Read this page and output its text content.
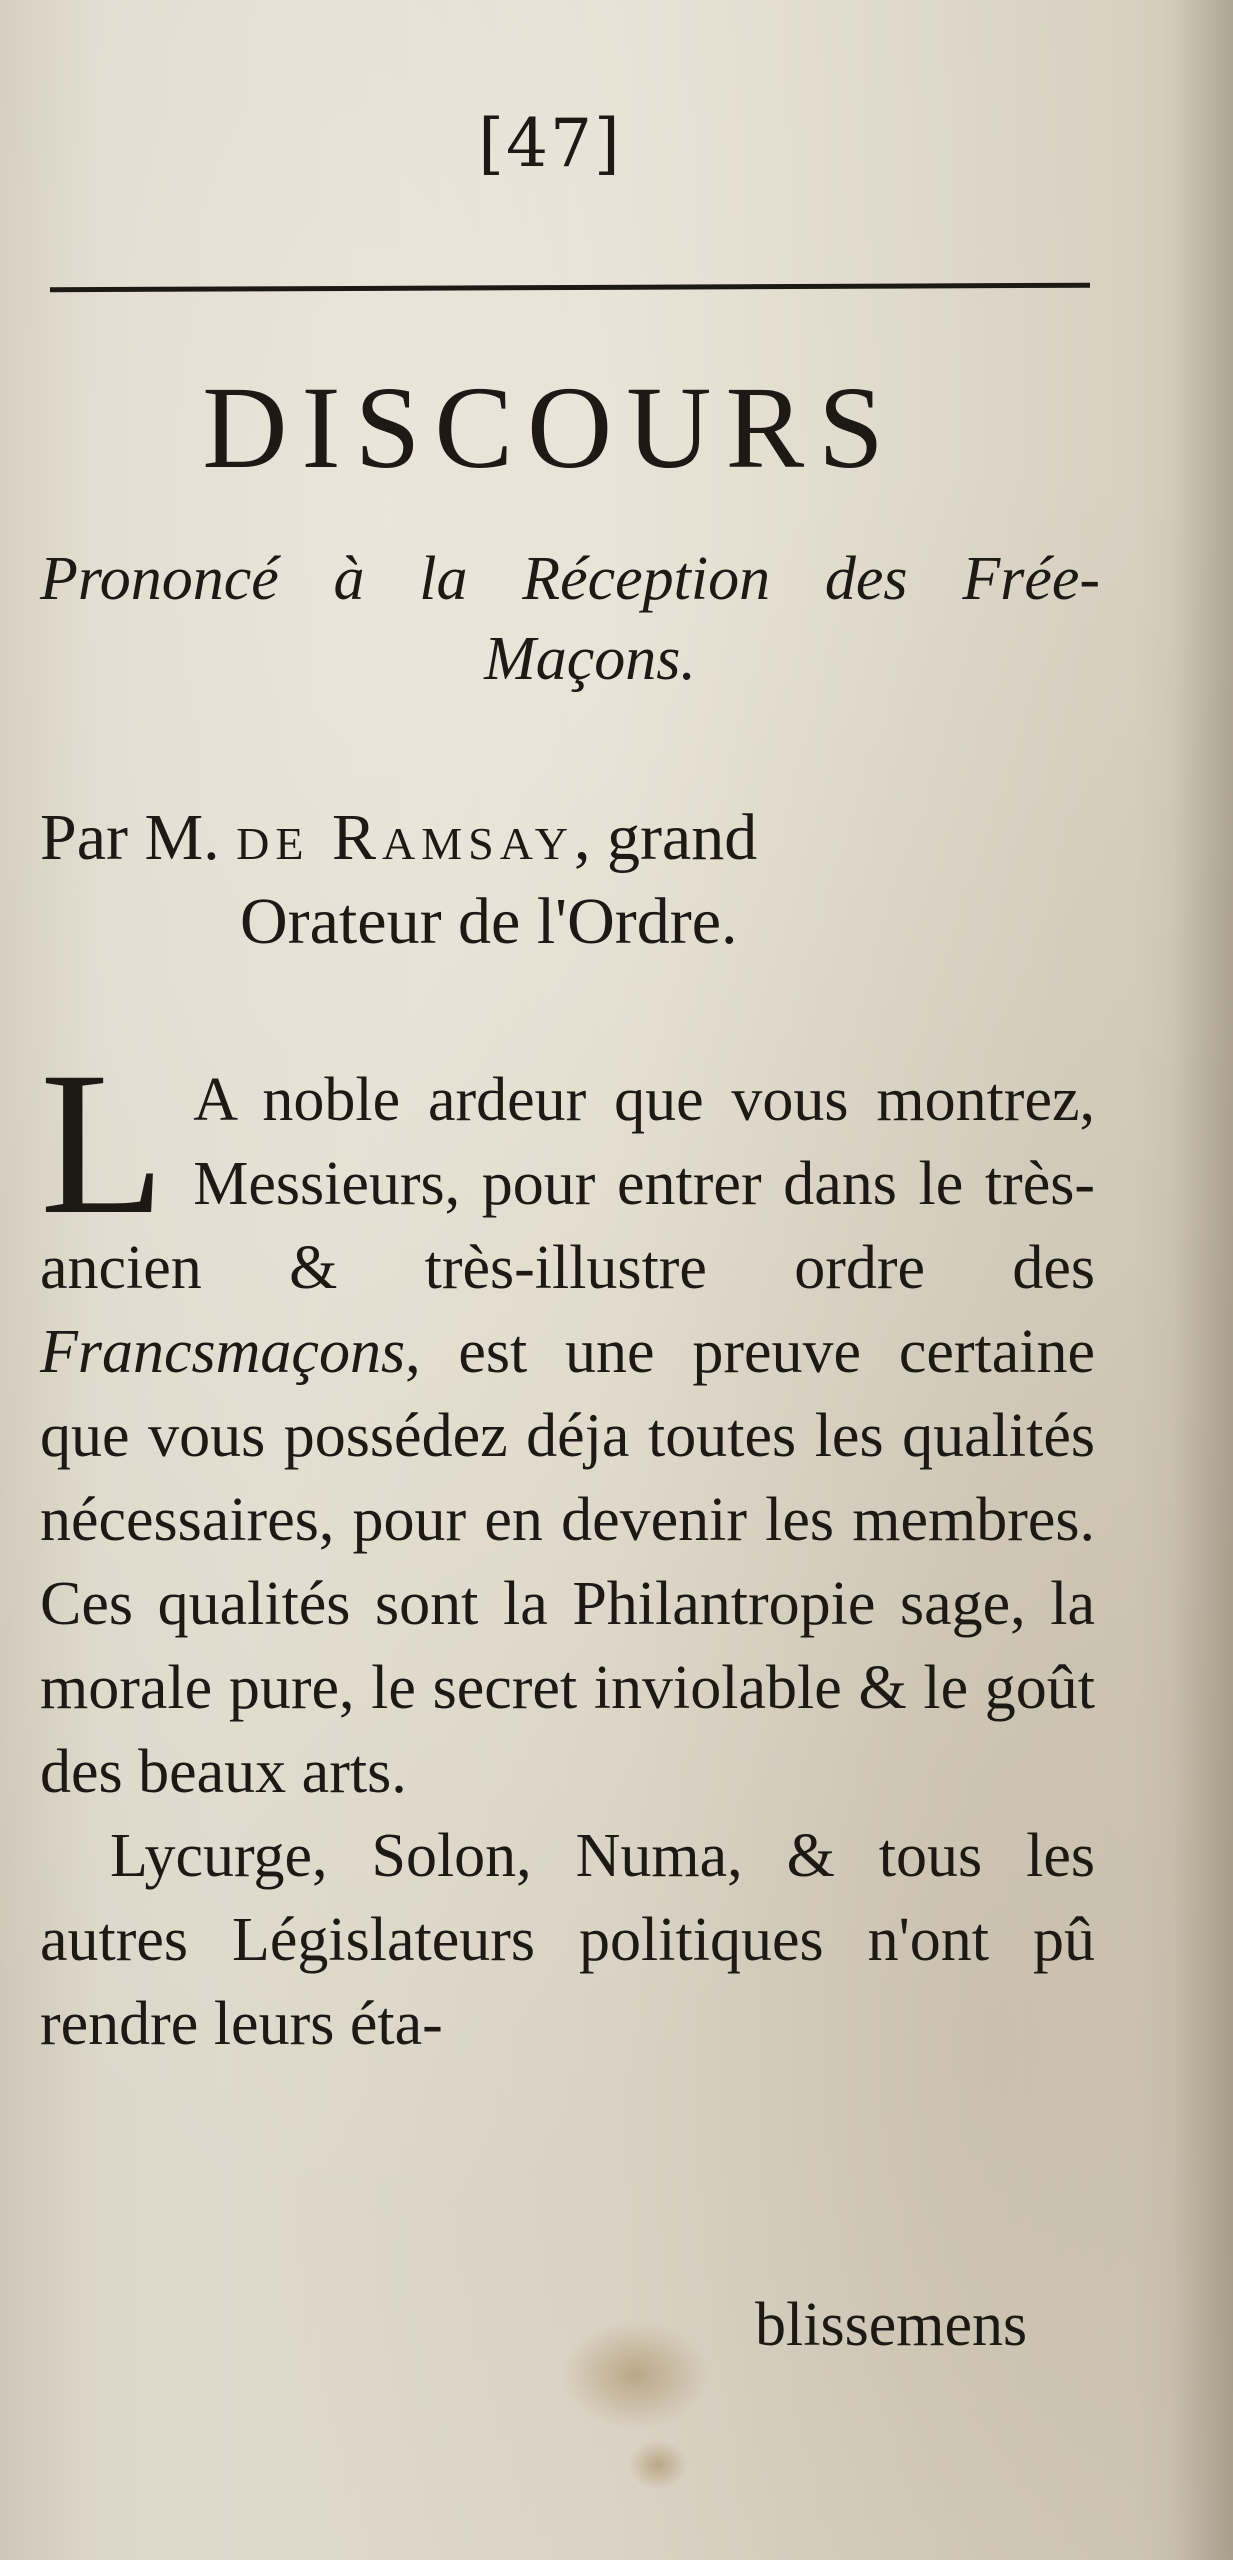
[47]
DISCOURS
Prononcé à la Réception des Frée-
Maçons.
Par M. de Ramsay, grand
Orateur de l'Ordre.

L A noble ardeur que vous montrez, Messieurs, pour entrer dans le très-ancien & très-illustre ordre des Francsmaçons, est une preuve certaine que vous possédez déja toutes les qualités nécessaires, pour en devenir les membres. Ces qualités sont la Philantropie sage, la morale pure, le secret inviolable & le goût des beaux arts.

Lycurge, Solon, Numa, & tous les autres Législateurs politiques n'ont pû rendre leurs éta-

blissemens
